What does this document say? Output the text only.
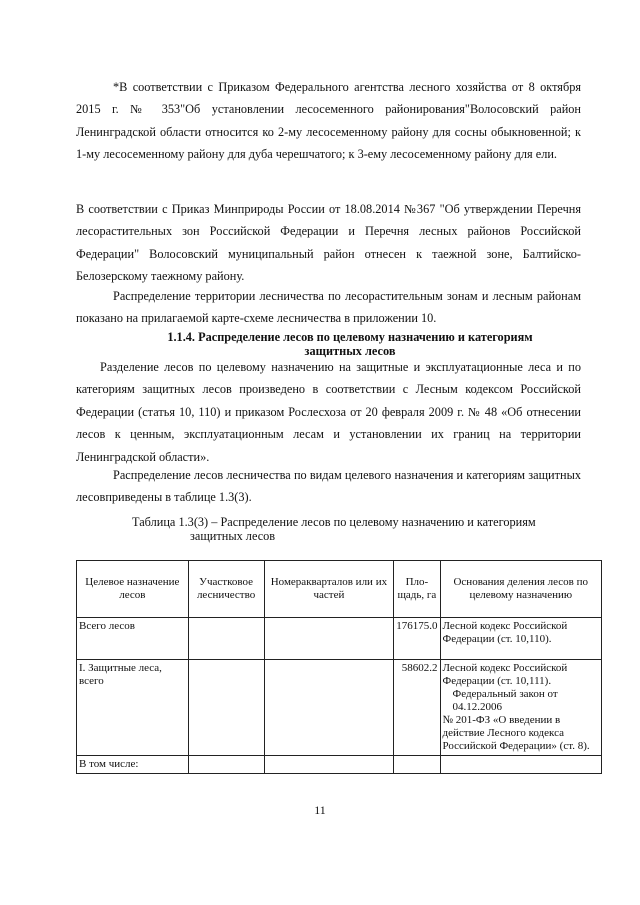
*В соответствии с Приказом Федерального агентства лесного хозяйства от 8 октября 2015 г. № 353"Об установлении лесосеменного районирования"Волосовский район Ленинградской области относится ко 2-му лесосеменному району для сосны обыкновенной; к 1-му лесосеменному району для дуба черешчатого; к 3-ему лесосеменному району для ели.

В соответствии с Приказ Минприроды России от 18.08.2014 №367 "Об утверждении Перечня лесорастительных зон Российской Федерации и Перечня лесных районов Российской Федерации" Волосовский муниципальный район отнесен к таежной зоне, Балтийско-Белозерскому таежному району.

Распределение территории лесничества по лесорастительным зонам и лесным районам показано на прилагаемой карте-схеме лесничества в приложении 10.

1.1.4. Распределение лесов по целевому назначению и категориям
защитных лесов

Разделение лесов по целевому назначению на защитные и эксплуатационные леса и по категориям защитных лесов произведено в соответствии с Лесным кодексом Российской Федерации (статья 10, 110) и приказом Рослесхоза от 20 февраля 2009 г. № 48 «Об отнесении лесов к ценным, эксплуатационным лесам и установлении их границ на территории Ленинградской области».

Распределение лесов лесничества по видам целевого назначения и категориям защитных лесовприведены в таблице 1.3(3).

Таблица 1.3(3) – Распределение лесов по целевому назначению и категориям
защитных лесов
Целевое назначение лесов	Участковое лесничество	Номеракварталов или их частей	Пло-щадь, га	Основания деления лесов по целевому назначению
Всего лесов			176175.0	Лесной кодекс Российской Федерации (ст. 10,110).
I. Защитные леса, всего			58602.2	Лесной кодекс Российской Федерации (ст. 10,111).
Федеральный закон от 04.12.2006
№ 201-ФЗ «О введении в действие Лесного кодекса Российской Федерации» (ст. 8).

В том числе:				

11
